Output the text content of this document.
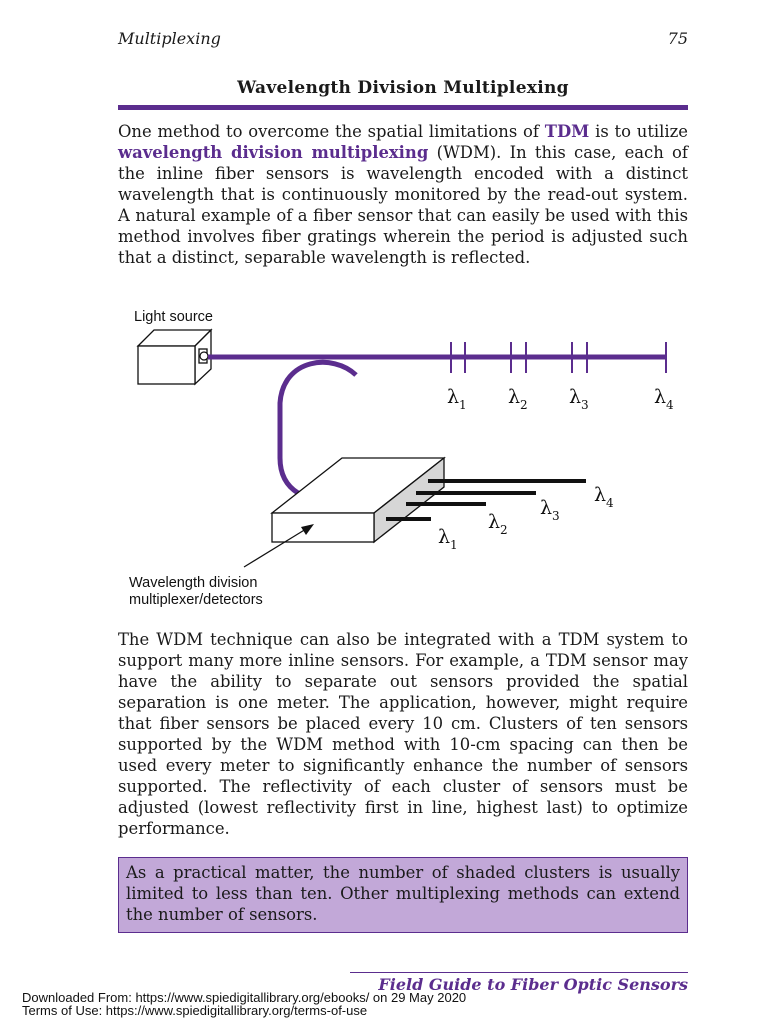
Multiplexing	75
Wavelength Division Multiplexing

One method to overcome the spatial limitations of TDM is to utilize wavelength division multiplexing (WDM). In this case, each of the inline fiber sensors is wavelength encoded with a distinct wavelength that is continuously monitored by the read-out system. A natural example of a fiber sensor that can easily be used with this method involves fiber gratings wherein the period is adjusted such that a distinct, separable wavelength is reflected.

Light source
Wavelength division
multiplexer/detectors
λ 1 λ 2 λ 3	λ 4
λ 1
λ 2
λ 3
λ 4

The WDM technique can also be integrated with a TDM system to support many more inline sensors. For example, a TDM sensor may have the ability to separate out sensors provided the spatial separation is one meter. The application, however, might require that fiber sensors be placed every 10 cm. Clusters of ten sensors supported by the WDM method with 10-cm spacing can then be used every meter to significantly enhance the number of sensors supported. The reflectivity of each cluster of sensors must be adjusted (lowest reflectivity first in line, highest last) to optimize performance.

As a practical matter, the number of shaded clusters is usually limited to less than ten. Other multiplexing methods can extend the number of sensors.
Field Guide to Fiber Optic Sensors
Downloaded From: https://www.spiedigitallibrary.org/ebooks/ on 29 May 2020
Terms of Use: https://www.spiedigitallibrary.org/terms-of-use
